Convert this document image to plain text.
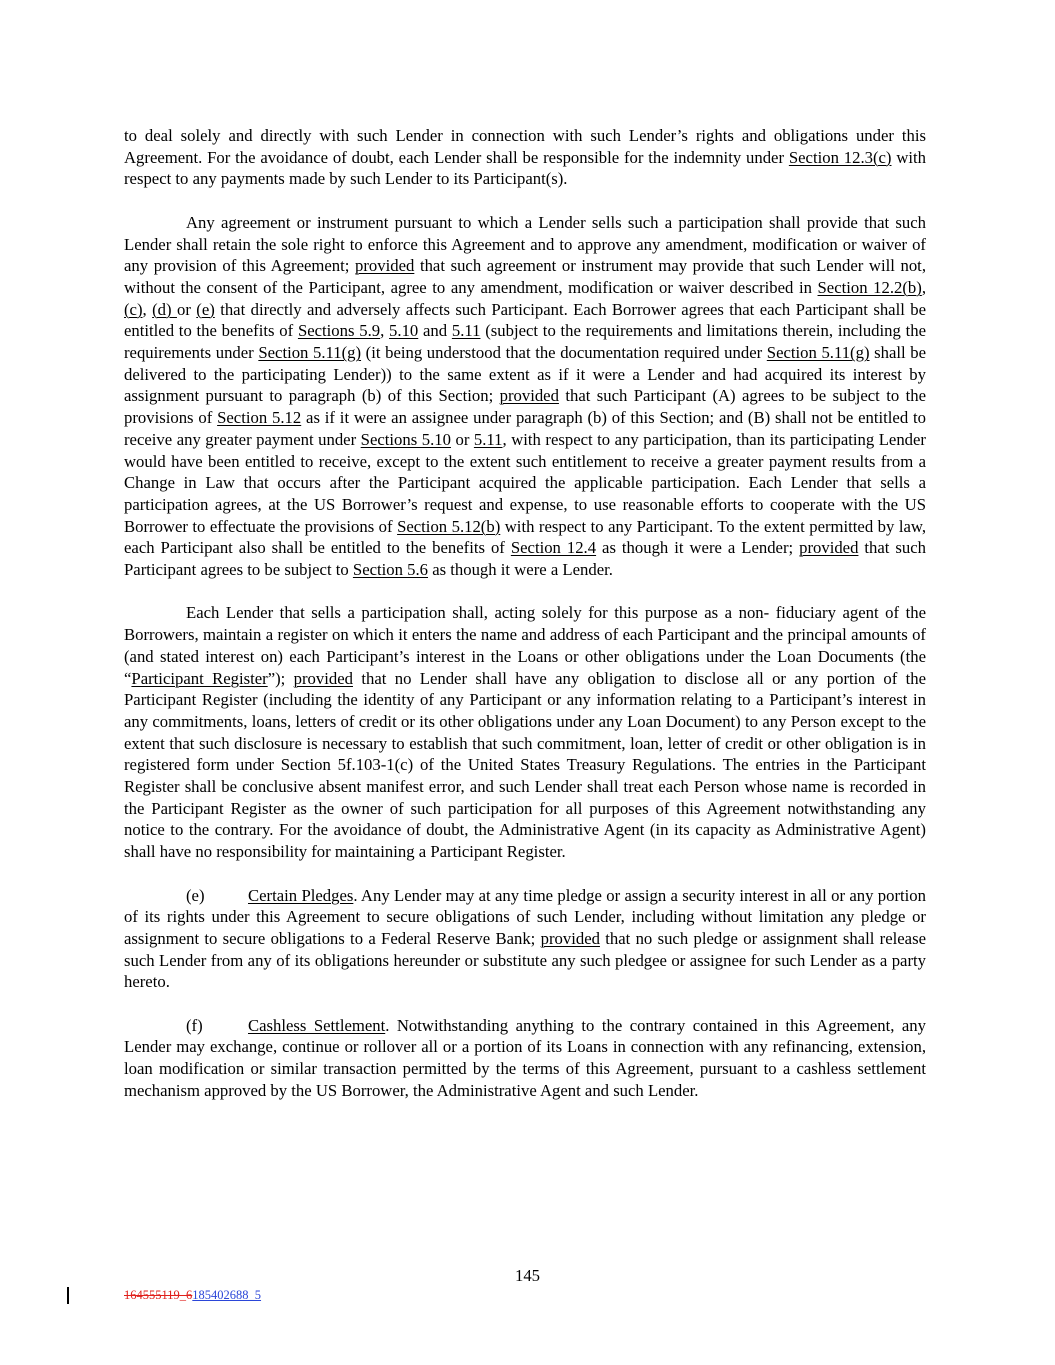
to deal solely and directly with such Lender in connection with such Lender’s rights and obligations under this Agreement. For the avoidance of doubt, each Lender shall be responsible for the indemnity under Section 12.3(c) with respect to any payments made by such Lender to its Participant(s).

Any agreement or instrument pursuant to which a Lender sells such a participation shall provide that such Lender shall retain the sole right to enforce this Agreement and to approve any amendment, modification or waiver of any provision of this Agreement; provided that such agreement or instrument may provide that such Lender will not, without the consent of the Participant, agree to any amendment, modification or waiver described in Section 12.2(b), (c), (d) or (e) that directly and adversely affects such Participant. Each Borrower agrees that each Participant shall be entitled to the benefits of Sections 5.9, 5.10 and 5.11 (subject to the requirements and limitations therein, including the requirements under Section 5.11(g) (it being understood that the documentation required under Section 5.11(g) shall be delivered to the participating Lender)) to the same extent as if it were a Lender and had acquired its interest by assignment pursuant to paragraph (b) of this Section; provided that such Participant (A) agrees to be subject to the provisions of Section 5.12 as if it were an assignee under paragraph (b) of this Section; and (B) shall not be entitled to receive any greater payment under Sections 5.10 or 5.11, with respect to any participation, than its participating Lender would have been entitled to receive, except to the extent such entitlement to receive a greater payment results from a Change in Law that occurs after the Participant acquired the applicable participation. Each Lender that sells a participation agrees, at the US Borrower’s request and expense, to use reasonable efforts to cooperate with the US Borrower to effectuate the provisions of Section 5.12(b) with respect to any Participant. To the extent permitted by law, each Participant also shall be entitled to the benefits of Section 12.4 as though it were a Lender; provided that such Participant agrees to be subject to Section 5.6 as though it were a Lender.

Each Lender that sells a participation shall, acting solely for this purpose as a non- fiduciary agent of the Borrowers, maintain a register on which it enters the name and address of each Participant and the principal amounts of (and stated interest on) each Participant’s interest in the Loans or other obligations under the Loan Documents (the “Participant Register”); provided that no Lender shall have any obligation to disclose all or any portion of the Participant Register (including the identity of any Participant or any information relating to a Participant’s interest in any commitments, loans, letters of credit or its other obligations under any Loan Document) to any Person except to the extent that such disclosure is necessary to establish that such commitment, loan, letter of credit or other obligation is in registered form under Section 5f.103-1(c) of the United States Treasury Regulations. The entries in the Participant Register shall be conclusive absent manifest error, and such Lender shall treat each Person whose name is recorded in the Participant Register as the owner of such participation for all purposes of this Agreement notwithstanding any notice to the contrary. For the avoidance of doubt, the Administrative Agent (in its capacity as Administrative Agent) shall have no responsibility for maintaining a Participant Register.

(e)	Certain Pledges. Any Lender may at any time pledge or assign a security interest in all or any portion of its rights under this Agreement to secure obligations of such Lender, including without limitation any pledge or assignment to secure obligations to a Federal Reserve Bank; provided that no such pledge or assignment shall release such Lender from any of its obligations hereunder or substitute any such pledgee or assignee for such Lender as a party hereto.

(f)	Cashless Settlement. Notwithstanding anything to the contrary contained in this Agreement, any Lender may exchange, continue or rollover all or a portion of its Loans in connection with any refinancing, extension, loan modification or similar transaction permitted by the terms of this Agreement, pursuant to a cashless settlement mechanism approved by the US Borrower, the Administrative Agent and such Lender.

145
164555119_6185402688_5
